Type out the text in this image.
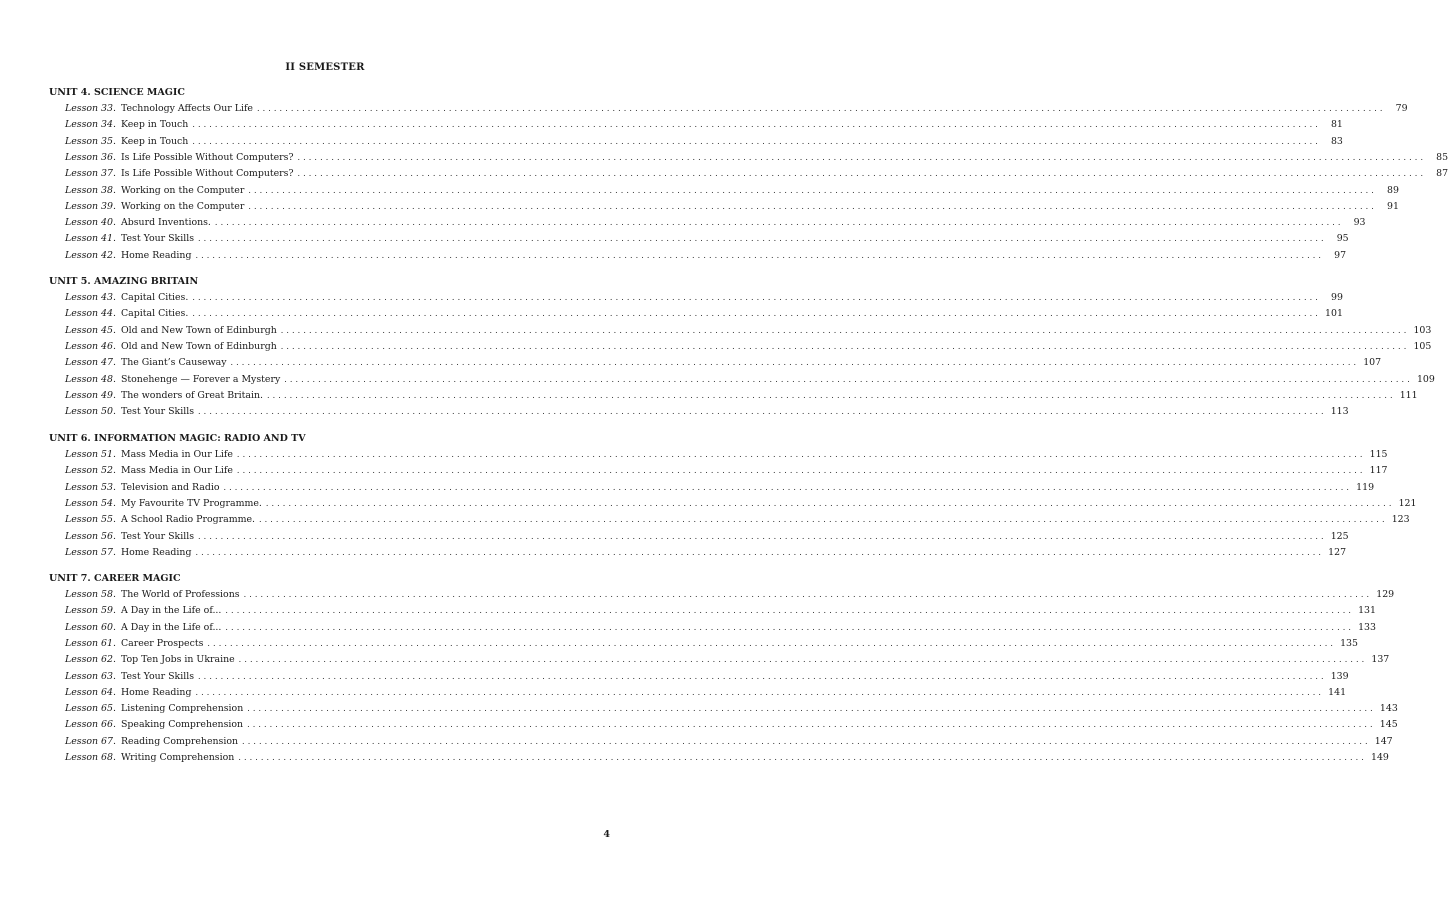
II SEMESTER
UNIT 4. SCIENCE MAGIC
Lesson 33. Technology Affects Our Life ........................................................................................................................................................................................................	79
Lesson 34. Keep in Touch ........................................................................................................................................................................................................	81
Lesson 35. Keep in Touch ........................................................................................................................................................................................................	83
Lesson 36. Is Life Possible Without Computers? ........................................................................................................................................................................................................	85
Lesson 37. Is Life Possible Without Computers? ........................................................................................................................................................................................................	87
Lesson 38. Working on the Computer ........................................................................................................................................................................................................	89
Lesson 39. Working on the Computer ........................................................................................................................................................................................................	91
Lesson 40. Absurd Inventions. ........................................................................................................................................................................................................	93
Lesson 41. Test Your Skills ........................................................................................................................................................................................................	95
Lesson 42. Home Reading ........................................................................................................................................................................................................	97
UNIT 5. AMAZING BRITAIN
Lesson 43. Capital Cities. ........................................................................................................................................................................................................	99
Lesson 44. Capital Cities. ........................................................................................................................................................................................................ 101
Lesson 45. Old and New Town of Edinburgh ........................................................................................................................................................................................................ 103
Lesson 46. Old and New Town of Edinburgh ........................................................................................................................................................................................................ 105
Lesson 47. The Giant’s Causeway ........................................................................................................................................................................................................ 107
Lesson 48. Stonehenge — Forever a Mystery ........................................................................................................................................................................................................ 109
Lesson 49. The wonders of Great Britain. ........................................................................................................................................................................................................ 111
Lesson 50. Test Your Skills ........................................................................................................................................................................................................ 113
UNIT 6. INFORMATION MAGIC: RADIO AND TV
Lesson 51. Mass Media in Our Life ........................................................................................................................................................................................................ 115
Lesson 52. Mass Media in Our Life ........................................................................................................................................................................................................ 117
Lesson 53. Television and Radio ........................................................................................................................................................................................................ 119
Lesson 54. My Favourite TV Programme. ........................................................................................................................................................................................................ 121
Lesson 55. A School Radio Programme. ........................................................................................................................................................................................................ 123
Lesson 56. Test Your Skills ........................................................................................................................................................................................................ 125
Lesson 57. Home Reading ........................................................................................................................................................................................................ 127
UNIT 7. CAREER MAGIC
Lesson 58. The World of Professions ........................................................................................................................................................................................................ 129
Lesson 59. A Day in the Life of... ........................................................................................................................................................................................................ 131
Lesson 60. A Day in the Life of... ........................................................................................................................................................................................................ 133
Lesson 61. Career Prospects ........................................................................................................................................................................................................ 135
Lesson 62. Top Ten Jobs in Ukraine ........................................................................................................................................................................................................ 137
Lesson 63. Test Your Skills ........................................................................................................................................................................................................ 139
Lesson 64. Home Reading ........................................................................................................................................................................................................ 141
Lesson 65. Listening Comprehension ........................................................................................................................................................................................................ 143
Lesson 66. Speaking Comprehension ........................................................................................................................................................................................................ 145
Lesson 67. Reading Comprehension ........................................................................................................................................................................................................ 147
Lesson 68. Writing Comprehension ........................................................................................................................................................................................................ 149
4
